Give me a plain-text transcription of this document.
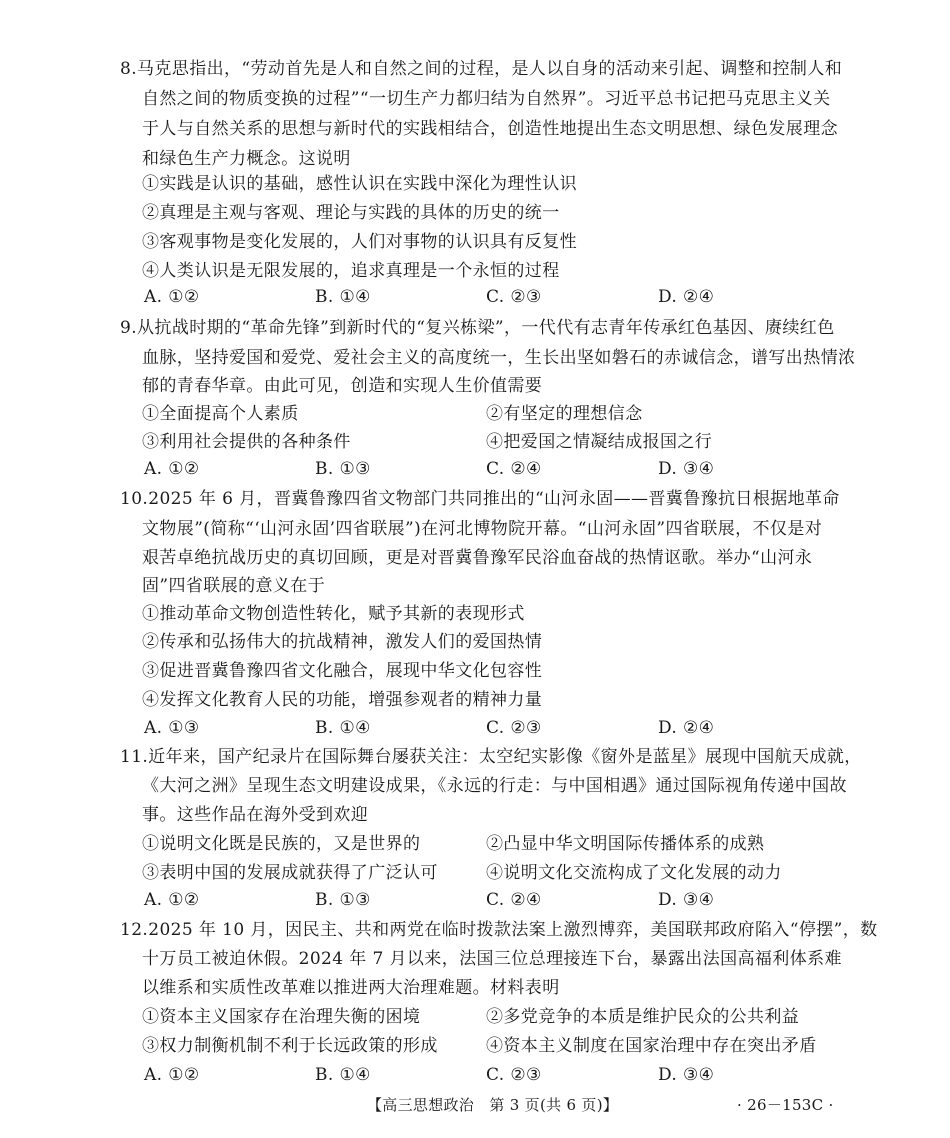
8.马克思指出，“劳动首先是人和自然之间的过程，是人以自身的活动来引起、调整和控制人和
自然之间的物质变换的过程”“一切生产力都归结为自然界”。习近平总书记把马克思主义关
于人与自然关系的思想与新时代的实践相结合，创造性地提出生态文明思想、绿色发展理念
和绿色生产力概念。这说明
①实践是认识的基础，感性认识在实践中深化为理性认识
②真理是主观与客观、理论与实践的具体的历史的统一
③客观事物是变化发展的，人们对事物的认识具有反复性
④人类认识是无限发展的，追求真理是一个永恒的过程
A. ①②	B. ①④	C. ②③	D. ②④
9.从抗战时期的“革命先锋”到新时代的“复兴栋梁”，一代代有志青年传承红色基因、赓续红色
血脉，坚持爱国和爱党、爱社会主义的高度统一，生长出坚如磐石的赤诚信念，谱写出热情浓
郁的青春华章。由此可见，创造和实现人生价值需要
①全面提高个人素质	②有坚定的理想信念
③利用社会提供的各种条件	④把爱国之情凝结成报国之行
A. ①②	B. ①③	C. ②④	D. ③④
10.2025 年 6 月，晋冀鲁豫四省文物部门共同推出的“山河永固——晋冀鲁豫抗日根据地革命
文物展”(简称“‘山河永固’四省联展”)在河北博物院开幕。“山河永固”四省联展，不仅是对
艰苦卓绝抗战历史的真切回顾，更是对晋冀鲁豫军民浴血奋战的热情讴歌。举办“山河永
固”四省联展的意义在于
①推动革命文物创造性转化，赋予其新的表现形式
②传承和弘扬伟大的抗战精神，激发人们的爱国热情
③促进晋冀鲁豫四省文化融合，展现中华文化包容性
④发挥文化教育人民的功能，增强参观者的精神力量
A. ①③	B. ①④	C. ②③	D. ②④
11.近年来，国产纪录片在国际舞台屡获关注：太空纪实影像《窗外是蓝星》展现中国航天成就，
《大河之洲》呈现生态文明建设成果，《永远的行走：与中国相遇》通过国际视角传递中国故
事。这些作品在海外受到欢迎
①说明文化既是民族的，又是世界的	②凸显中华文明国际传播体系的成熟
③表明中国的发展成就获得了广泛认可	④说明文化交流构成了文化发展的动力
A. ①②	B. ①③	C. ②④	D. ③④
12.2025 年 10 月，因民主、共和两党在临时拨款法案上激烈博弈，美国联邦政府陷入“停摆”，数
十万员工被迫休假。2024 年 7 月以来，法国三位总理接连下台，暴露出法国高福利体系难
以维系和实质性改革难以推进两大治理难题。材料表明
①资本主义国家存在治理失衡的困境	②多党竞争的本质是维护民众的公共利益
③权力制衡机制不利于长远政策的形成	④资本主义制度在国家治理中存在突出矛盾
A. ①②	B. ①④	C. ②③	D. ③④
【高三思想政治　第 3 页(共 6 页)】	· 26－153C ·
